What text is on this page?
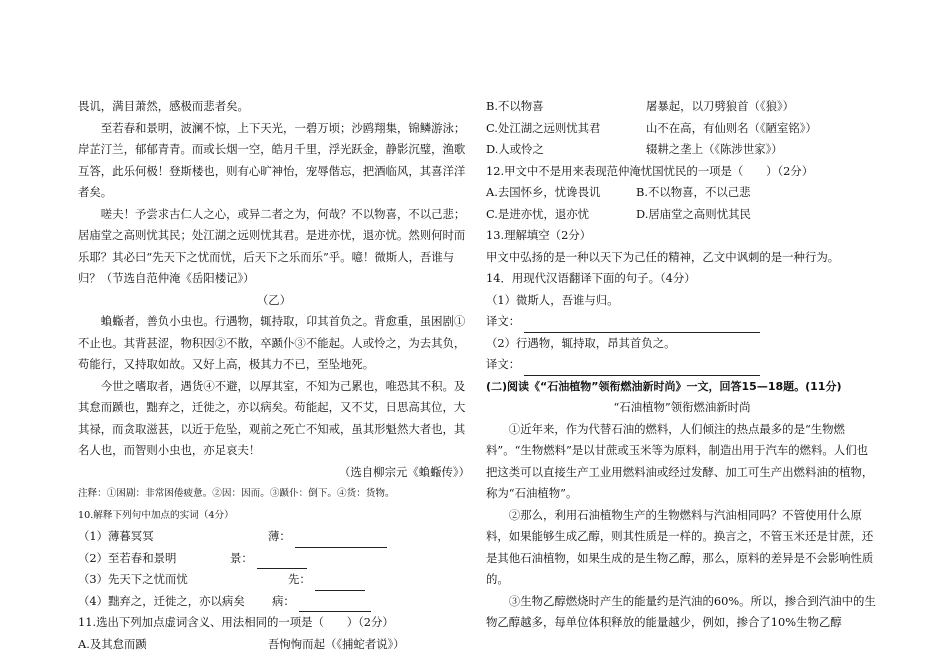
畏讥，满目萧然，感极而悲者矣。

至若春和景明，波澜不惊，上下天光，一碧万顷；沙鸥翔集，锦鳞游泳；岸芷汀兰，郁郁青青。而或长烟一空，皓月千里，浮光跃金，静影沉璧，渔歌互答，此乐何极！登斯楼也，则有心旷神怡，宠辱偕忘，把酒临风，其喜洋洋者矣。

嗟夫！予尝求古仁人之心，或异二者之为，何哉？不以物喜，不以己悲；居庙堂之高则忧其民；处江湖之远则忧其君。是进亦忧，退亦忧。然则何时而乐耶？其必曰“先天下之忧而忧，后天下之乐而乐”乎。噫！微斯人，吾谁与归？（节选自范仲淹《岳阳楼记》）

（乙）

蝜蝂者，善负小虫也。行遇物，辄持取，卬其首负之。背愈重，虽困剧①不止也。其背甚涩，物积因②不散，卒踬仆③不能起。人或怜之，为去其负，苟能行，又持取如故。又好上高，极其力不已，至坠地死。

今世之嗜取者，遇货④不避，以厚其室，不知为己累也，唯恐其不积。及其怠而踬也，黜弃之，迁徙之，亦以病矣。苟能起，又不艾，日思高其位，大其禄，而贪取滋甚，以近于危坠，观前之死亡不知戒，虽其形魁然大者也，其名人也，而智则小虫也，亦足哀夫！

（选自柳宗元《蝜蝂传》）

注释：①困剧：非常困倦疲惫。②因：因而。③踬仆：倒下。④货：货物。

10.解释下列句中加点的实词（4分）

（1）薄暮冥冥	薄：
（2）至若春和景明	景：
（3）先天下之忧而忧	先：
（4）黜弃之，迁徙之，亦以病矣	病：

11.选出下列加点虚词含义、用法相同的一项是（　　）（2分）

A.及其怠而踬	吾恂恂而起（《捕蛇者说》）
B.不以物喜	屠暴起，以刀劈狼首（《狼》）
C.处江湖之远则忧其君	山不在高，有仙则名（《陋室铭》）
D.人或怜之	辍耕之垄上（《陈涉世家》）

12.甲文中不是用来表现范仲淹忧国忧民的一项是（　　）（2分）

A.去国怀乡，忧谗畏讥	B.不以物喜，不以己悲
C.是进亦忧，退亦忧	D.居庙堂之高则忧其民

13.理解填空（2分）

甲文中弘扬的是一种以天下为己任的精神，乙文中讽刺的是一种行为。

14．用现代汉语翻译下面的句子。（4分）

（1）微斯人，吾谁与归。

译文：

（2）行遇物，辄持取，昂其首负之。

译文：

(二)阅读《“石油植物”领衔燃油新时尚》一文，回答15—18题。(11分)

“石油植物”领衔燃油新时尚

①近年来，作为代替石油的燃料，人们倾注的热点最多的是“生物燃料”。“生物燃料”是以甘蔗或玉米等为原料，制造出用于汽车的燃料。人们也把这类可以直接生产工业用燃料油或经过发酵、加工可生产出燃料油的植物，称为“石油植物”。

②那么，利用石油植物生产的生物燃料与汽油相同吗？不管使用什么原料，如果能够生成乙醇，则其性质是一样的。换言之，不管玉米还是甘蔗，还是其他石油植物，如果生成的是生物乙醇，那么，原料的差异是不会影响性质的。

③生物乙醇燃烧时产生的能量约是汽油的60%。所以，掺合到汽油中的生物乙醇越多，每单位体积释放的能量越少，例如，掺合了10%生物乙醇
